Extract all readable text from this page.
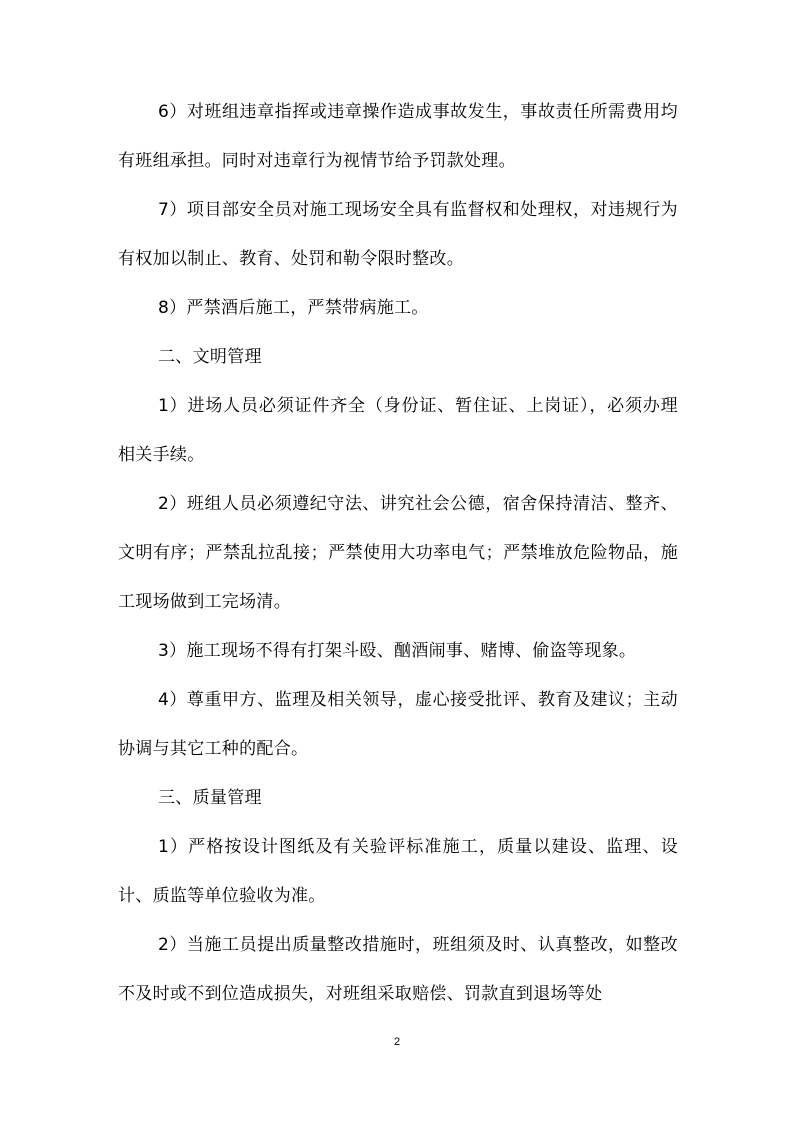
6）对班组违章指挥或违章操作造成事故发生，事故责任所需费用均有班组承担。同时对违章行为视情节给予罚款处理。

7）项目部安全员对施工现场安全具有监督权和处理权，对违规行为有权加以制止、教育、处罚和勒令限时整改。

8）严禁酒后施工，严禁带病施工。

二、文明管理

1）进场人员必须证件齐全（身份证、暂住证、上岗证），必须办理相关手续。

2）班组人员必须遵纪守法、讲究社会公德，宿舍保持清洁、整齐、文明有序；严禁乱拉乱接；严禁使用大功率电气；严禁堆放危险物品，施工现场做到工完场清。

3）施工现场不得有打架斗殴、酗酒闹事、赌博、偷盗等现象。

4）尊重甲方、监理及相关领导，虚心接受批评、教育及建议；主动协调与其它工种的配合。

三、质量管理

1）严格按设计图纸及有关验评标准施工，质量以建设、监理、设计、质监等单位验收为准。

2）当施工员提出质量整改措施时，班组须及时、认真整改，如整改不及时或不到位造成损失，对班组采取赔偿、罚款直到退场等处

2
